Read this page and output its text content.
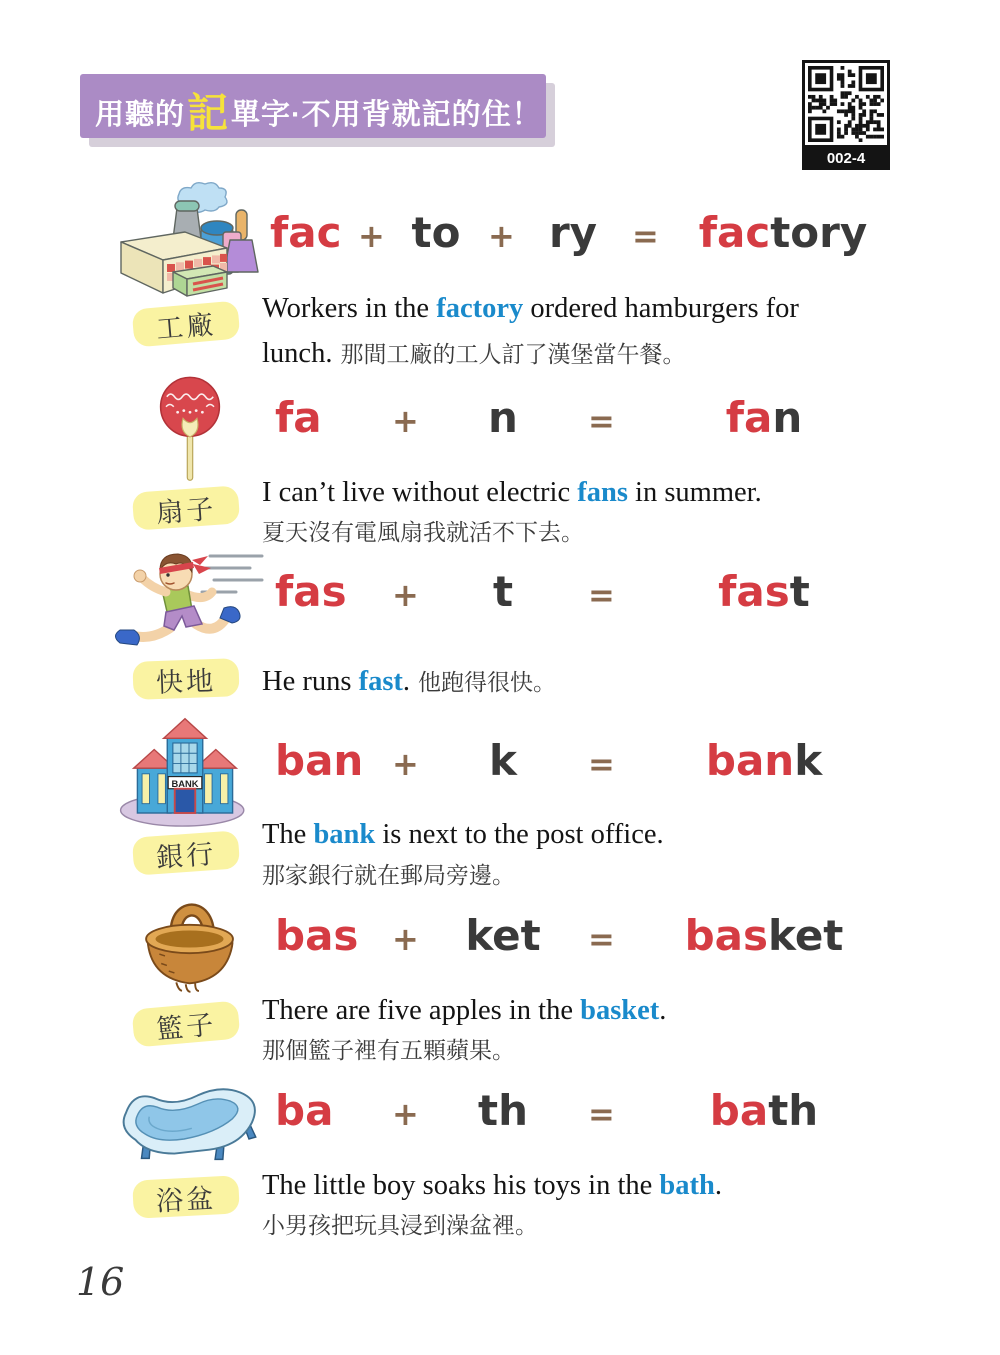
用聽的記單字·不用背就記的住！
002-4
工廠
fac + to + ry	= factory
Workers in the factory ordered hamburgers for
lunch. 那間工廠的工人訂了漢堡當午餐。
扇子
fa	+	n	=	fan
I can’t live without electric fans in summer.
夏天沒有電風扇我就活不下去。
快地
fas	+	t	=	fast
He runs fast. 他跑得很快。
BANK
銀行
ban +	k	=	bank
The bank is next to the post office.
那家銀行就在郵局旁邊。
籃子
bas	+	ket	=	basket
There are five apples in the basket.
那個籃子裡有五顆蘋果。
浴盆
ba	+	th	=	bath
The little boy soaks his toys in the bath.
小男孩把玩具浸到澡盆裡。
16
